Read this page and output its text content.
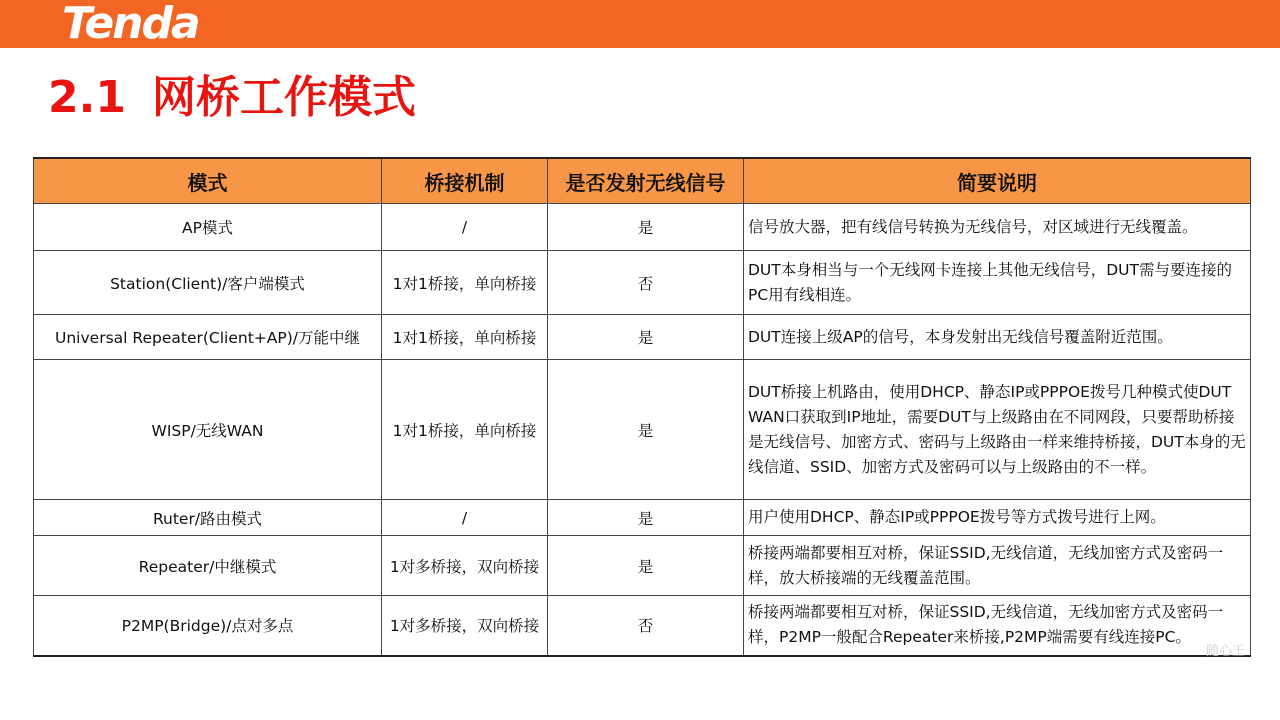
Tenda
2.1 网桥工作模式
模式	桥接机制	是否发射无线信号	简要说明
AP模式	/	是	信号放大器，把有线信号转换为无线信号，对区域进行无线覆盖。
Station(Client)/客户端模式	1对1桥接，单向桥接	否	DUT本身相当与一个无线网卡连接上其他无线信号，DUT需与要连接的PC用有线相连。
Universal Repeater(Client+AP)/万能中继	1对1桥接，单向桥接	是	DUT连接上级AP的信号，本身发射出无线信号覆盖附近范围。
WISP/无线WAN	1对1桥接，单向桥接	是	DUT桥接上机路由，使用DHCP、静态IP或PPPOE拨号几种模式使DUT WAN口获取到IP地址，需要DUT与上级路由在不同网段，只要帮助桥接是无线信号、加密方式、密码与上级路由一样来维持桥接，DUT本身的无线信道、SSID、加密方式及密码可以与上级路由的不一样。
Ruter/路由模式	/	是	用户使用DHCP、静态IP或PPPOE拨号等方式拨号进行上网。
Repeater/中继模式	1对多桥接，双向桥接	是	桥接两端都要相互对桥，保证SSID,无线信道，无线加密方式及密码一样，放大桥接端的无线覆盖范围。
P2MP(Bridge)/点对多点	1对多桥接，双向桥接	否	桥接两端都要相互对桥，保证SSID,无线信道，无线加密方式及密码一样，P2MP一般配合Repeater来桥接,P2MP端需要有线连接PC。
随心王
